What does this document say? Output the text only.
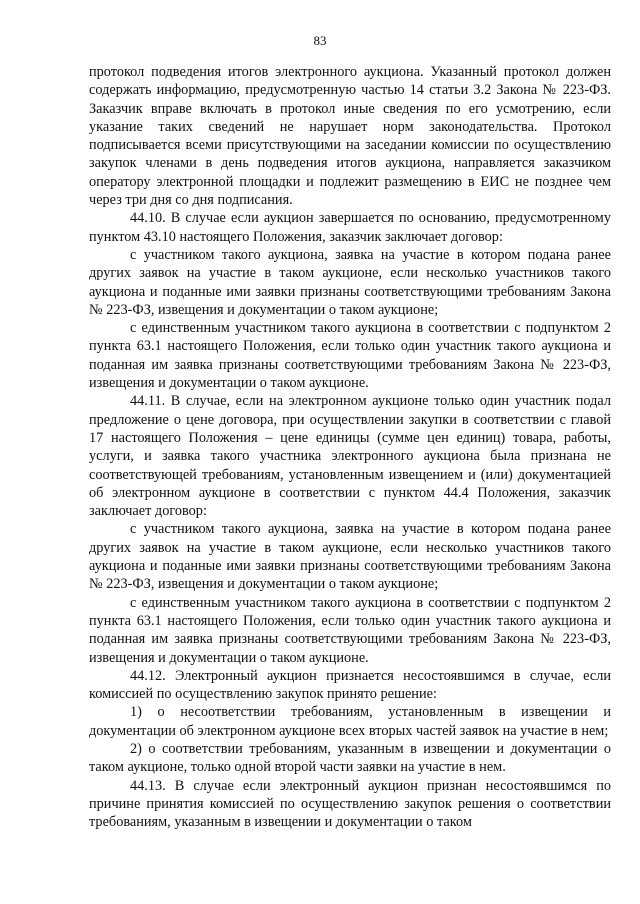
83

протокол подведения итогов электронного аукциона. Указанный протокол должен содержать информацию, предусмотренную частью 14 статьи 3.2 Закона № 223-ФЗ. Заказчик вправе включать в протокол иные сведения по его усмотрению, если указание таких сведений не нарушает норм законодательства. Протокол подписывается всеми присутствующими на заседании комиссии по осуществлению закупок членами в день подведения итогов аукциона, направляется заказчиком оператору электронной площадки и подлежит размещению в ЕИС не позднее чем через три дня со дня подписания.

44.10. В случае если аукцион завершается по основанию, предусмотренному пунктом 43.10 настоящего Положения, заказчик заключает договор:

с участником такого аукциона, заявка на участие в котором подана ранее других заявок на участие в таком аукционе, если несколько участников такого аукциона и поданные ими заявки признаны соответствующими требованиям Закона № 223-ФЗ, извещения и документации о таком аукционе;

с единственным участником такого аукциона в соответствии с подпунктом 2 пункта 63.1 настоящего Положения, если только один участник такого аукциона и поданная им заявка признаны соответствующими требованиям Закона № 223-ФЗ, извещения и документации о таком аукционе.

44.11. В случае, если на электронном аукционе только один участник подал предложение о цене договора, при осуществлении закупки в соответствии с главой 17 настоящего Положения – цене единицы (сумме цен единиц) товара, работы, услуги, и заявка такого участника электронного аукциона была признана не соответствующей требованиям, установленным извещением и (или) документацией об электронном аукционе в соответствии с пунктом 44.4 Положения, заказчик заключает договор:

с участником такого аукциона, заявка на участие в котором подана ранее других заявок на участие в таком аукционе, если несколько участников такого аукциона и поданные ими заявки признаны соответствующими требованиям Закона № 223-ФЗ, извещения и документации о таком аукционе;

с единственным участником такого аукциона в соответствии с подпунктом 2 пункта 63.1 настоящего Положения, если только один участник такого аукциона и поданная им заявка признаны соответствующими требованиям Закона № 223-ФЗ, извещения и документации о таком аукционе.

44.12. Электронный аукцион признается несостоявшимся в случае, если комиссией по осуществлению закупок принято решение:

1) о несоответствии требованиям, установленным в извещении и документации об электронном аукционе всех вторых частей заявок на участие в нем;

2) о соответствии требованиям, указанным в извещении и документации о таком аукционе, только одной второй части заявки на участие в нем.

44.13. В случае если электронный аукцион признан несостоявшимся по причине принятия комиссией по осуществлению закупок решения о соответствии требованиям, указанным в извещении и документации о таком
